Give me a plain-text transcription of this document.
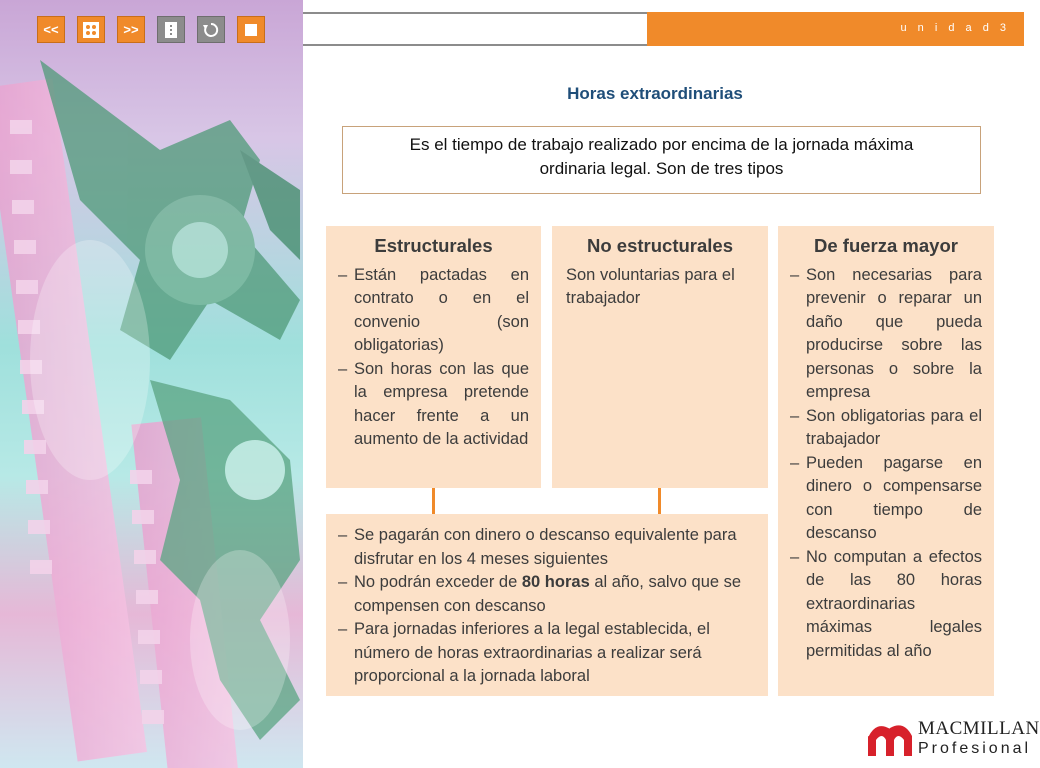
<<	>>	u n i d a d 3
Horas extraordinarias
Es el tiempo de trabajo realizado por encima de la jornada máxima
ordinaria legal. Son de tres tipos
Estructurales
– Están pactadas en contrato o en el convenio (son obligatorias)
– Son horas con las que la empresa pretende hacer frente a un aumento de la actividad
No estructurales

Son voluntarias para el trabajador

De fuerza mayor
– Son necesarias para prevenir o reparar un daño que pueda producirse sobre las personas o sobre la empresa
– Son obligatorias para el trabajador
– Pueden pagarse en dinero o compensarse con tiempo de descanso
– No computan a efectos de las 80 horas extraordinarias máximas legales permitidas al año
– Se pagarán con dinero o descanso equivalente para disfrutar en los 4 meses siguientes
– No podrán exceder de 80 horas al año, salvo que se compensen con descanso
– Para jornadas inferiores a la legal establecida, el número de horas extraordinarias a realizar será proporcional a la jornada laboral
MACMILLAN
Profesional
